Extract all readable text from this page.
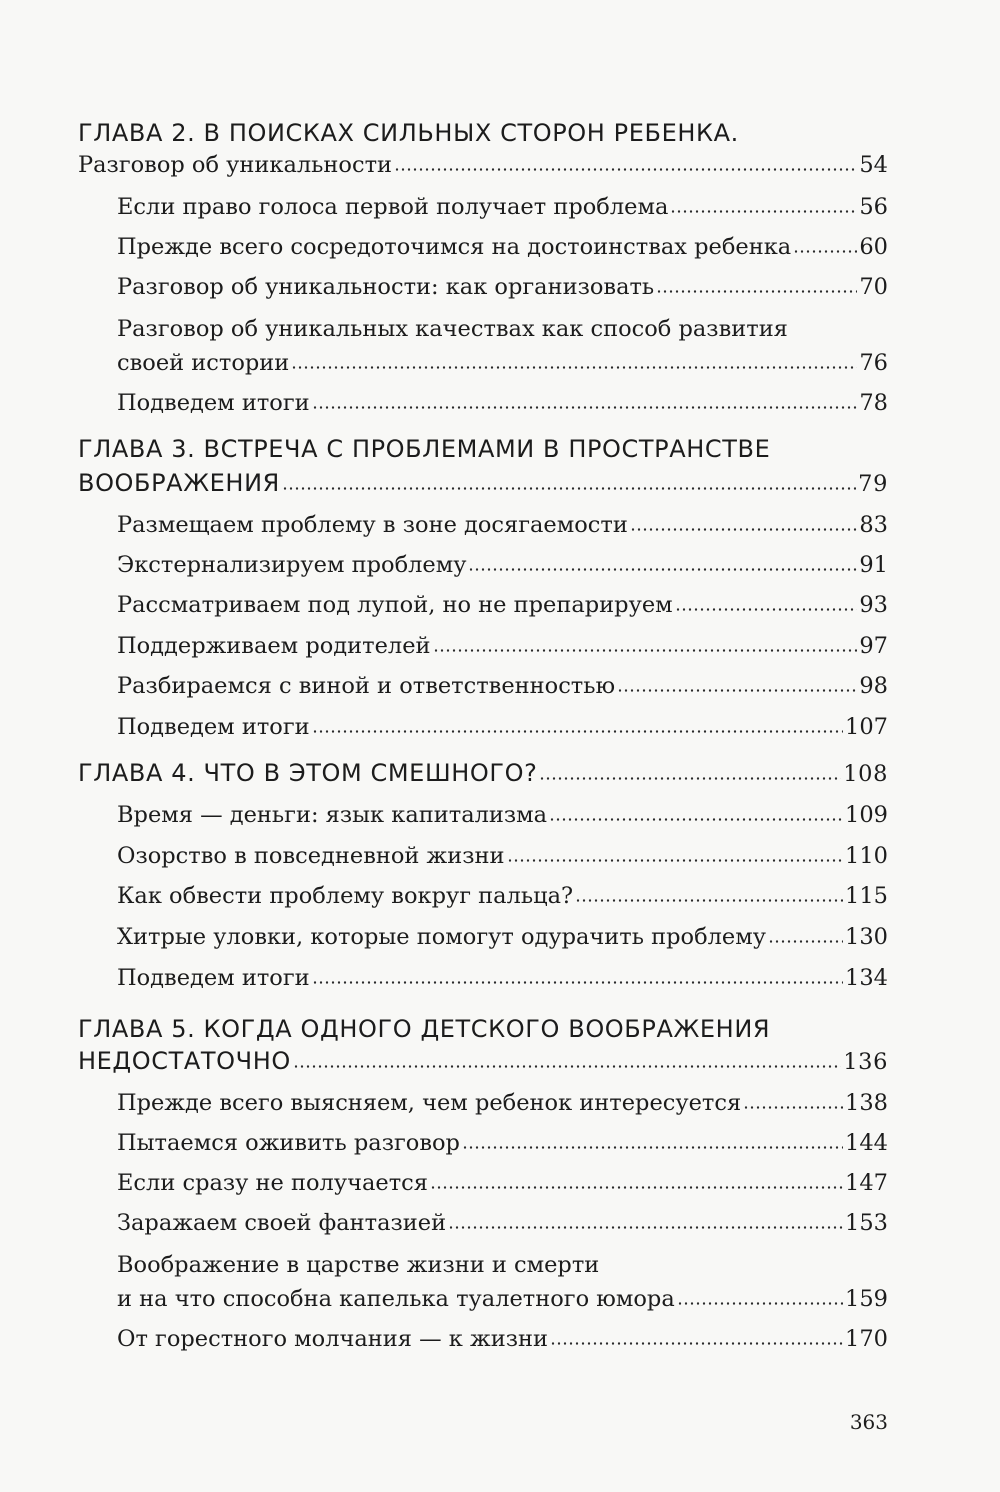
ГЛАВА 2. В ПОИСКАХ СИЛЬНЫХ СТОРОН РЕБЕНКА.
Разговор об уникальности	54
Если право голоса первой получает проблема	56
Прежде всего сосредоточимся на достоинствах ребенка	60
Разговор об уникальности: как организовать	70
Разговор об уникальных качествах как способ развития
своей истории	76
Подведем итоги	78
ГЛАВА 3. ВСТРЕЧА С ПРОБЛЕМАМИ В ПРОСТРАНСТВЕ
ВООБРАЖЕНИЯ	79
Размещаем проблему в зоне досягаемости	83
Экстернализируем проблему	91
Рассматриваем под лупой, но не препарируем	93
Поддерживаем родителей	97
Разбираемся с виной и ответственностью	98
Подведем итоги	107
ГЛАВА 4. ЧТО В ЭТОМ СМЕШНОГО?	108
Время — деньги: язык капитализма	109
Озорство в повседневной жизни	110
Как обвести проблему вокруг пальца?	115
Хитрые уловки, которые помогут одурачить проблему	130
Подведем итоги	134
ГЛАВА 5. КОГДА ОДНОГО ДЕТСКОГО ВООБРАЖЕНИЯ
НЕДОСТАТОЧНО	136
Прежде всего выясняем, чем ребенок интересуется	138
Пытаемся оживить разговор	144
Если сразу не получается	147
Заражаем своей фантазией	153
Воображение в царстве жизни и смерти
и на что способна капелька туалетного юмора	159
От горестного молчания — к жизни	170
363
